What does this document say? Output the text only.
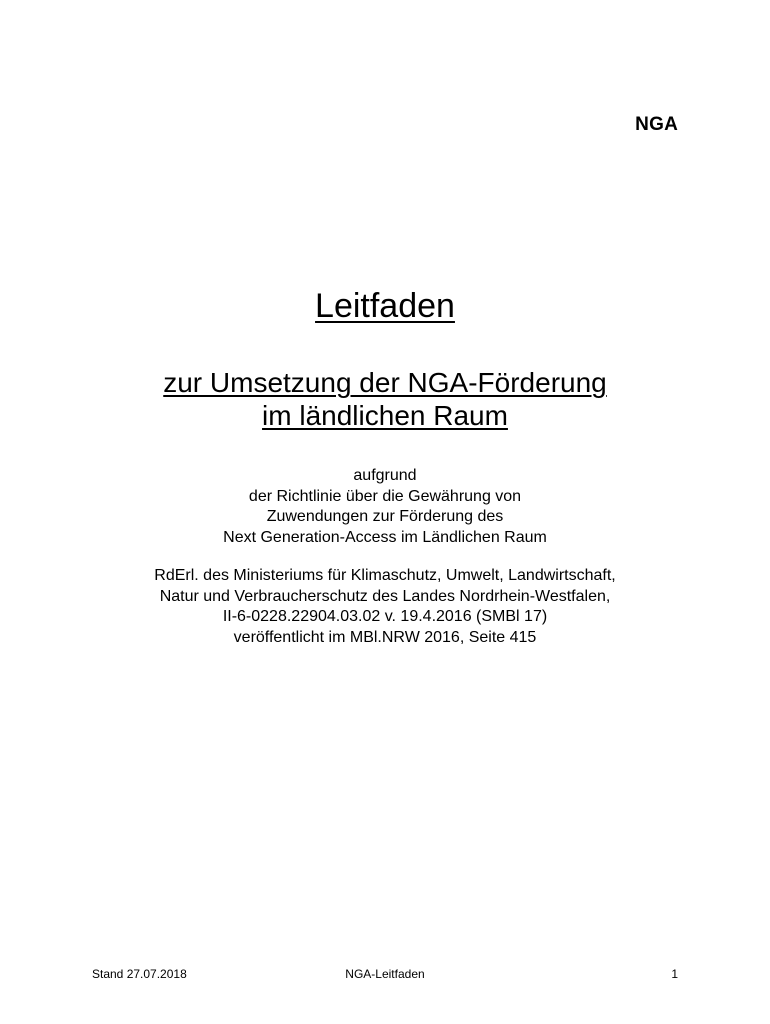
NGA
Leitfaden
zur Umsetzung der NGA-Förderung
im ländlichen Raum
aufgrund
der Richtlinie über die Gewährung von
Zuwendungen zur Förderung des
Next Generation-Access im Ländlichen Raum
RdErl. des Ministeriums für Klimaschutz, Umwelt, Landwirtschaft,
Natur und Verbraucherschutz des Landes Nordrhein-Westfalen,
II-6-0228.22904.03.02 v. 19.4.2016 (SMBl 17)
veröffentlicht im MBl.NRW 2016, Seite 415
Stand 27.07.2018	NGA-Leitfaden	1
